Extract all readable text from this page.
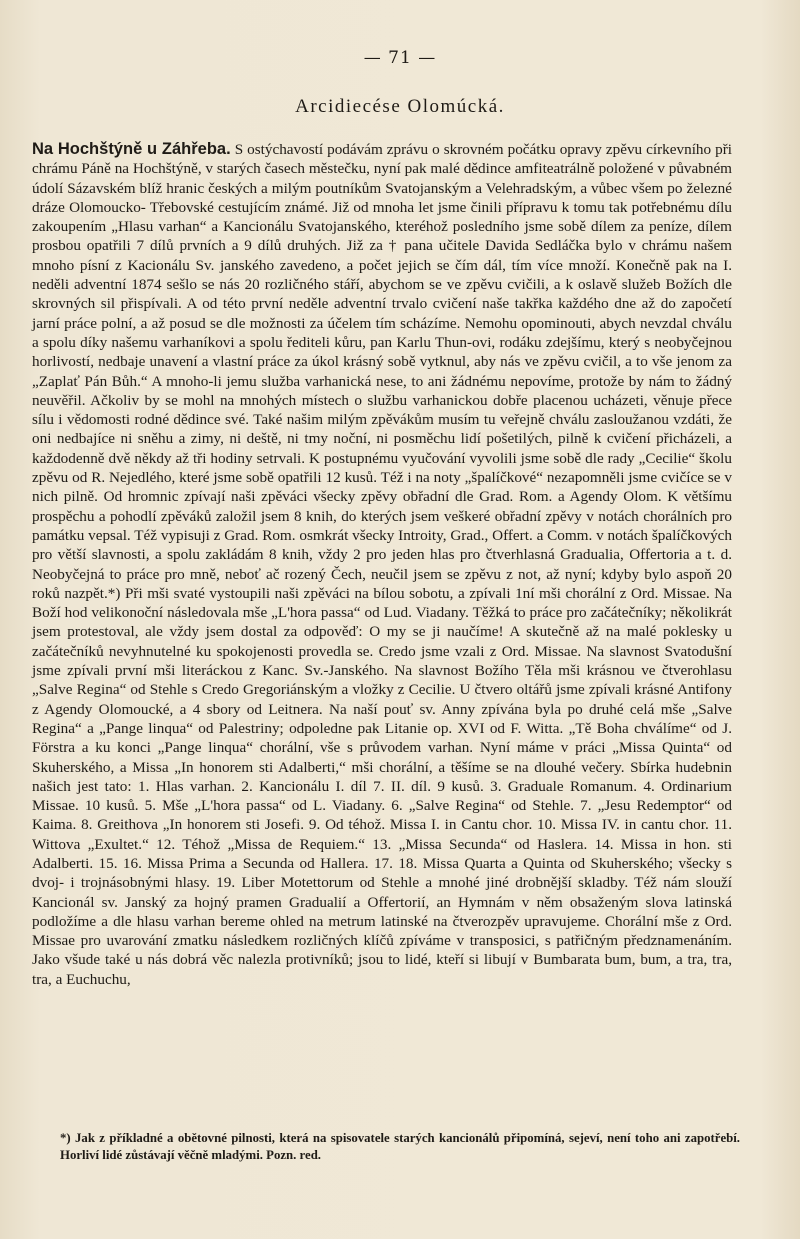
— 71 —
Arcidiecése Olomúcká.
Na Hochštýně u Záhřeba. S ostýchavostí podávám zprávu o skrovném počátku opravy zpěvu církevního při chrámu Páně na Hochštýně, v starých časech městečku, nyní pak malé dědince amfiteatrálně položené v půvabném údolí Sázavském blíž hranic českých a milým poutníkům Svatojanským a Velehradským, a vůbec všem po železné dráze Olomoucko- Třebovské cestujícím známé. Již od mnoha let jsme činili přípravu k tomu tak potřebnému dílu zakoupením „Hlasu varhan“ a Kancionálu Svatojanského, kteréhož posledního jsme sobě dílem za peníze, dílem prosbou opatřili 7 dílů prvních a 9 dílů druhých. Již za † pana učitele Davida Sedláčka bylo v chrámu našem mnoho písní z Kacionálu Sv. janského zavedeno, a počet jejich se čím dál, tím více množí. Konečně pak na I. neděli adventní 1874 sešlo se nás 20 rozličného stáří, abychom se ve zpěvu cvičili, a k oslavě služeb Božích dle skrovných sil přispívali. A od této první neděle adventní trvalo cvičení naše takřka každého dne až do započetí jarní práce polní, a až posud se dle možnosti za účelem tím scházíme. Nemohu opominouti, abych nevzdal chválu a spolu díky našemu varhaníkovi a spolu řediteli kůru, pan Karlu Thun-ovi, rodáku zdejšímu, který s neobyčejnou horlivostí, nedbaje unavení a vlastní práce za úkol krásný sobě vytknul, aby nás ve zpěvu cvičil, a to vše jenom za „Zaplať Pán Bůh.“ A mnoho-li jemu služba varhanická nese, to ani žádnému nepovíme, protože by nám to žádný neuvěřil. Ačkoliv by se mohl na mnohých místech o službu varhanickou dobře placenou ucházeti, věnuje přece sílu i vědomosti rodné dědince své. Také našim milým zpěvákům musím tu veřejně chválu zasloužanou vzdáti, že oni nedbajíce ni sněhu a zimy, ni deště, ni tmy noční, ni posměchu lidí pošetilých, pilně k cvičení přicházeli, a každodenně dvě někdy až tři hodiny setrvali. K postupnému vyučování vyvolili jsme sobě dle rady „Cecilie“ školu zpěvu od R. Nejedlého, které jsme sobě opatřili 12 kusů. Též i na noty „špalíčkové“ nezapomněli jsme cvičíce se v nich pilně. Od hromnic zpívají naši zpěváci všecky zpěvy obřadní dle Grad. Rom. a Agendy Olom. K většímu prospěchu a pohodlí zpěváků založil jsem 8 knih, do kterých jsem veškeré obřadní zpěvy v notách chorálních pro památku vepsal. Též vypisuji z Grad. Rom. osmkrát všecky Introity, Grad., Offert. a Comm. v notách špalíčkových pro větší slavnosti, a spolu zakládám 8 knih, vždy 2 pro jeden hlas pro čtverhlasná Gradualia, Offertoria a t. d. Neobyčejná to práce pro mně, neboť ač rozený Čech, neučil jsem se zpěvu z not, až nyní; kdyby bylo aspoň 20 roků nazpět.*) Při mši svaté vystoupili naši zpěváci na bílou sobotu, a zpívali 1ní mši chorální z Ord. Missae. Na Boží hod velikonoční následovala mše „L'hora passa“ od Lud. Viadany. Těžká to práce pro začátečníky; několikrát jsem protestoval, ale vždy jsem dostal za odpověď: O my se ji naučíme! A skutečně až na malé poklesky u začátečníků nevyhnutelné ku spokojenosti provedla se. Credo jsme vzali z Ord. Missae. Na slavnost Svatodušní jsme zpívali první mši literáckou z Kanc. Sv.-Janského. Na slavnost Božího Těla mši krásnou ve čtverohlasu „Salve Regina“ od Stehle s Credo Gregoriánským a vložky z Cecilie. U čtvero oltářů jsme zpívali krásné Antifony z Agendy Olomoucké, a 4 sbory od Leitnera. Na naší pouť sv. Anny zpívána byla po druhé celá mše „Salve Regina“ a „Pange linqua“ od Palestriny; odpoledne pak Litanie op. XVI od F. Witta. „Tě Boha chválíme“ od J. Förstra a ku konci „Pange linqua“ chorální, vše s průvodem varhan. Nyní máme v práci „Missa Quinta“ od Skuherského, a Missa „In honorem sti Adalberti,“ mši chorální, a těšíme se na dlouhé večery. Sbírka hudebnin našich jest tato: 1. Hlas varhan. 2. Kancionálu I. díl 7. II. díl. 9 kusů. 3. Graduale Romanum. 4. Ordinarium Missae. 10 kusů. 5. Mše „L'hora passa“ od L. Viadany. 6. „Salve Regina“ od Stehle. 7. „Jesu Redemptor“ od Kaima. 8. Greithova „In honorem sti Josefi. 9. Od téhož. Missa I. in Cantu chor. 10. Missa IV. in cantu chor. 11. Wittova „Exultet.“ 12. Téhož „Missa de Requiem.“ 13. „Missa Secunda“ od Haslera. 14. Missa in hon. sti Adalberti. 15. 16. Missa Prima a Secunda od Hallera. 17. 18. Missa Quarta a Quinta od Skuherského; všecky s dvoj- i trojnásobnými hlasy. 19. Liber Motettorum od Stehle a mnohé jiné drobnější skladby. Též nám slouží Kancionál sv. Janský za hojný pramen Gradualií a Offertorií, an Hymnám v něm obsaženým slova latinská podložíme a dle hlasu varhan bereme ohled na metrum latinské na čtverozpěv upravujeme. Chorální mše z Ord. Missae pro uvarování zmatku následkem rozličných klíčů zpíváme v transposici, s patřičným předznamenáním. Jako všude také u nás dobrá věc nalezla protivníků; jsou to lidé, kteří si libují v Bumbarata bum, bum, a tra, tra, tra, a Euchuchu,
*) Jak z příkladné a obětovné pilnosti, která na spisovatele starých kancionálů připomíná, sejeví, není toho ani zapotřebí. Horliví lidé zůstávají věčně mladými. Pozn. red.
